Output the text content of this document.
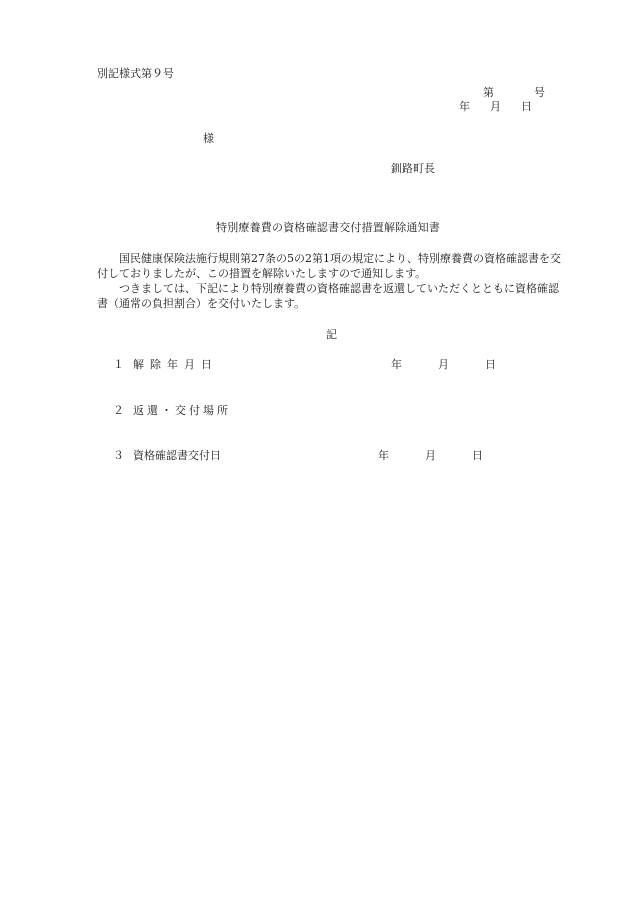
別記様式第９号
第	号
年 月 日
様
釧路町長
特別療養費の資格確認書交付措置解除通知書

国民健康保険法施行規則第27条の5の2第1項の規定により、特別療養費の資格確認書を交付しておりましたが、この措置を解除いたしますので通知します。

つきましては、下記により特別療養費の資格確認書を返還していただくとともに資格確認書（通常の負担割合）を交付いたします。

記
１ 解除年月日	年	月	日
２ 返還・交付場所
３ 資格確認書交付日	年	月	日
